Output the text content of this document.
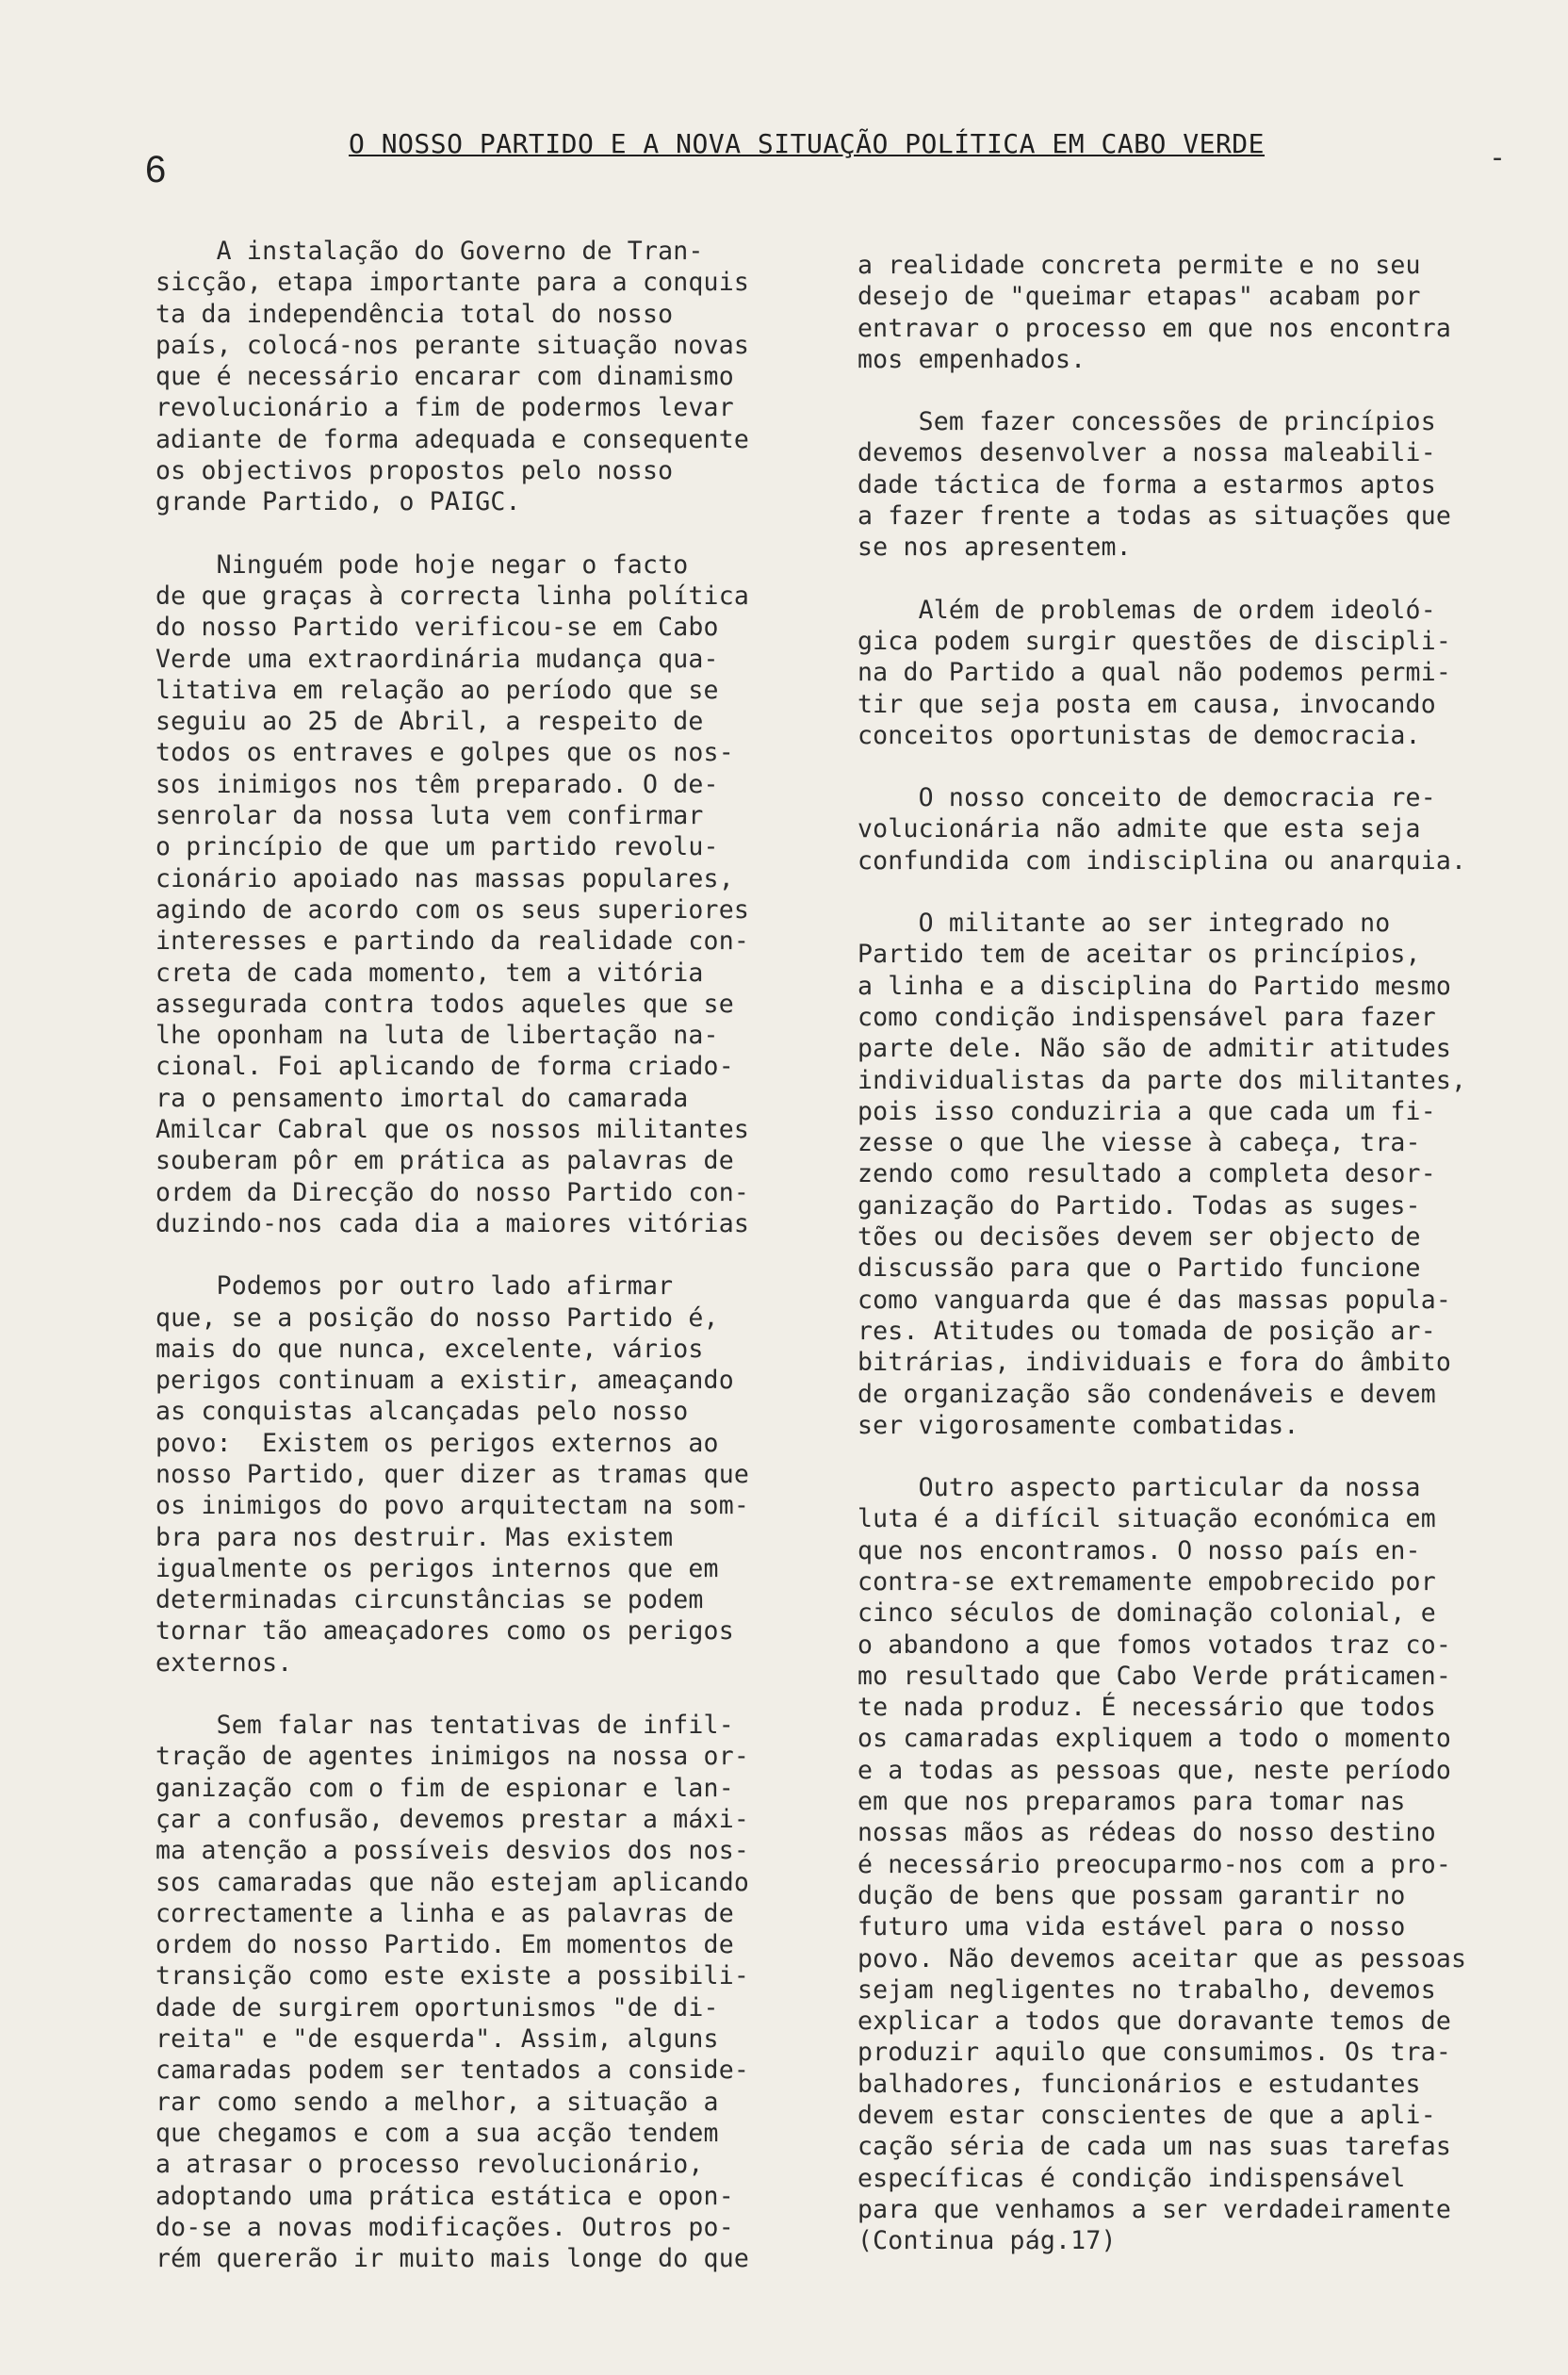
6
O NOSSO PARTIDO E A NOVA SITUAÇÃO POLÍTICA EM CABO VERDE
A instalação do Governo de Tran-
sicção, etapa importante para a conquis
ta da independência total do nosso
país, colocá-nos perante situação novas
que é necessário encarar com dinamismo
revolucionário a fim de podermos levar
adiante de forma adequada e consequente
os objectivos propostos pelo nosso
grande Partido, o PAIGC.
Ninguém pode hoje negar o facto
de que graças à correcta linha política
do nosso Partido verificou-se em Cabo
Verde uma extraordinária mudança qua-
litativa em relação ao período que se
seguiu ao 25 de Abril, a respeito de
todos os entraves e golpes que os nos-
sos inimigos nos têm preparado. O de-
senrolar da nossa luta vem confirmar
o princípio de que um partido revolu-
cionário apoiado nas massas populares,
agindo de acordo com os seus superiores
interesses e partindo da realidade con-
creta de cada momento, tem a vitória
assegurada contra todos aqueles que se
lhe oponham na luta de libertação na-
cional. Foi aplicando de forma criado-
ra o pensamento imortal do camarada
Amilcar Cabral que os nossos militantes
souberam pôr em prática as palavras de
ordem da Direcção do nosso Partido con-
duzindo-nos cada dia a maiores vitórias
Podemos por outro lado afirmar
que, se a posição do nosso Partido é,
mais do que nunca, excelente, vários
perigos continuam a existir, ameaçando
as conquistas alcançadas pelo nosso
povo:  Existem os perigos externos ao
nosso Partido, quer dizer as tramas que
os inimigos do povo arquitectam na som-
bra para nos destruir. Mas existem
igualmente os perigos internos que em
determinadas circunstâncias se podem
tornar tão ameaçadores como os perigos
externos.
Sem falar nas tentativas de infil-
tração de agentes inimigos na nossa or-
ganização com o fim de espionar e lan-
çar a confusão, devemos prestar a máxi-
ma atenção a possíveis desvios dos nos-
sos camaradas que não estejam aplicando
correctamente a linha e as palavras de
ordem do nosso Partido. Em momentos de
transição como este existe a possibili-
dade de surgirem oportunismos "de di-
reita" e "de esquerda". Assim, alguns
camaradas podem ser tentados a conside-
rar como sendo a melhor, a situação a
que chegamos e com a sua acção tendem
a atrasar o processo revolucionário,
adoptando uma prática estática e opon-
do-se a novas modificações. Outros po-
rém quererão ir muito mais longe do que
a realidade concreta permite e no seu
desejo de "queimar etapas" acabam por
entravar o processo em que nos encontra
mos empenhados.
Sem fazer concessões de princípios
devemos desenvolver a nossa maleabili-
dade táctica de forma a estarmos aptos
a fazer frente a todas as situações que
se nos apresentem.
Além de problemas de ordem ideoló-
gica podem surgir questões de discipli-
na do Partido a qual não podemos permi-
tir que seja posta em causa, invocando
conceitos oportunistas de democracia.
O nosso conceito de democracia re-
volucionária não admite que esta seja
confundida com indisciplina ou anarquia.
O militante ao ser integrado no
Partido tem de aceitar os princípios,
a linha e a disciplina do Partido mesmo
como condição indispensável para fazer
parte dele. Não são de admitir atitudes
individualistas da parte dos militantes,
pois isso conduziria a que cada um fi-
zesse o que lhe viesse à cabeça, tra-
zendo como resultado a completa desor-
ganização do Partido. Todas as suges-
tões ou decisões devem ser objecto de
discussão para que o Partido funcione
como vanguarda que é das massas popula-
res. Atitudes ou tomada de posição ar-
bitrárias, individuais e fora do âmbito
de organização são condenáveis e devem
ser vigorosamente combatidas.
Outro aspecto particular da nossa
luta é a difícil situação económica em
que nos encontramos. O nosso país en-
contra-se extremamente empobrecido por
cinco séculos de dominação colonial, e
o abandono a que fomos votados traz co-
mo resultado que Cabo Verde práticamen-
te nada produz. É necessário que todos
os camaradas expliquem a todo o momento
e a todas as pessoas que, neste período
em que nos preparamos para tomar nas
nossas mãos as rédeas do nosso destino
é necessário preocuparmo-nos com a pro-
dução de bens que possam garantir no
futuro uma vida estável para o nosso
povo. Não devemos aceitar que as pessoas
sejam negligentes no trabalho, devemos
explicar a todos que doravante temos de
produzir aquilo que consumimos. Os tra-
balhadores, funcionários e estudantes
devem estar conscientes de que a apli-
cação séria de cada um nas suas tarefas
específicas é condição indispensável
para que venhamos a ser verdadeiramente
(Continua pág.17)
-
